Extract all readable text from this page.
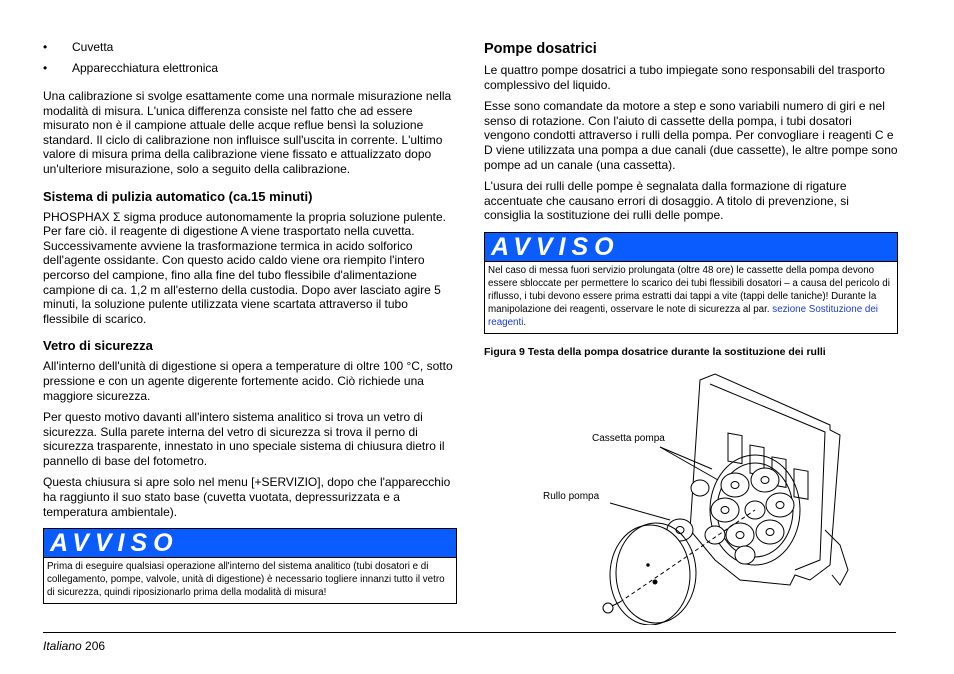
• Cuvetta
• Apparecchiatura elettronica

Una calibrazione si svolge esattamente come una normale misurazione nella modalità di misura. L'unica differenza consiste nel fatto che ad essere misurato non è il campione attuale delle acque reflue bensì la soluzione standard. Il ciclo di calibrazione non influisce sull'uscita in corrente. L'ultimo valore di misura prima della calibrazione viene fissato e attualizzato dopo un'ulteriore misurazione, solo a seguito della calibrazione.

Sistema di pulizia automatico (ca.15 minuti)

PHOSPHAX Σ sigma produce autonomamente la propria soluzione pulente. Per fare ciò. il reagente di digestione A viene trasportato nella cuvetta. Successivamente avviene la trasformazione termica in acido solforico dell'agente ossidante. Con questo acido caldo viene ora riempito l'intero percorso del campione, fino alla fine del tubo flessibile d'alimentazione campione di ca. 1,2 m all'esterno della custodia. Dopo aver lasciato agire 5 minuti, la soluzione pulente utilizzata viene scartata attraverso il tubo flessibile di scarico.

Vetro di sicurezza

All'interno dell'unità di digestione si opera a temperature di oltre 100 °C, sotto pressione e con un agente digerente fortemente acido. Ciò richiede una maggiore sicurezza.

Per questo motivo davanti all'intero sistema analitico si trova un vetro di sicurezza. Sulla parete interna del vetro di sicurezza si trova il perno di sicurezza trasparente, innestato in uno speciale sistema di chiusura dietro il pannello di base del fotometro.

Questa chiusura si apre solo nel menu [+SERVIZIO], dopo che l'apparecchio ha raggiunto il suo stato base (cuvetta vuotata, depressurizzata e a temperatura ambientale).

AVVISO
Prima di eseguire qualsiasi operazione all'interno del sistema analitico (tubi dosatori e di collegamento, pompe, valvole, unità di digestione) è necessario togliere innanzi tutto il vetro di sicurezza, quindi riposizionarlo prima della modalità di misura!
Pompe dosatrici

Le quattro pompe dosatrici a tubo impiegate sono responsabili del trasporto complessivo del liquido.

Esse sono comandate da motore a step e sono variabili numero di giri e nel senso di rotazione. Con l'aiuto di cassette della pompa, i tubi dosatori vengono condotti attraverso i rulli della pompa. Per convogliare i reagenti C e D viene utilizzata una pompa a due canali (due cassette), le altre pompe sono pompe ad un canale (una cassetta).

L'usura dei rulli delle pompe è segnalata dalla formazione di rigature accentuate che causano errori di dosaggio. A titolo di prevenzione, si consiglia la sostituzione dei rulli delle pompe.

AVVISO
Nel caso di messa fuori servizio prolungata (oltre 48 ore) le cassette della pompa devono essere sbloccate per permettere lo scarico dei tubi flessibili dosatori – a causa del pericolo di riflusso, i tubi devono essere prima estratti dai tappi a vite (tappi delle taniche)! Durante la manipolazione dei reagenti, osservare le note di sicurezza al par. sezione Sostituzione dei reagenti.
Figura 9 Testa della pompa dosatrice durante la sostituzione dei rulli
Cassetta pompa
Rullo pompa
Italiano 206
